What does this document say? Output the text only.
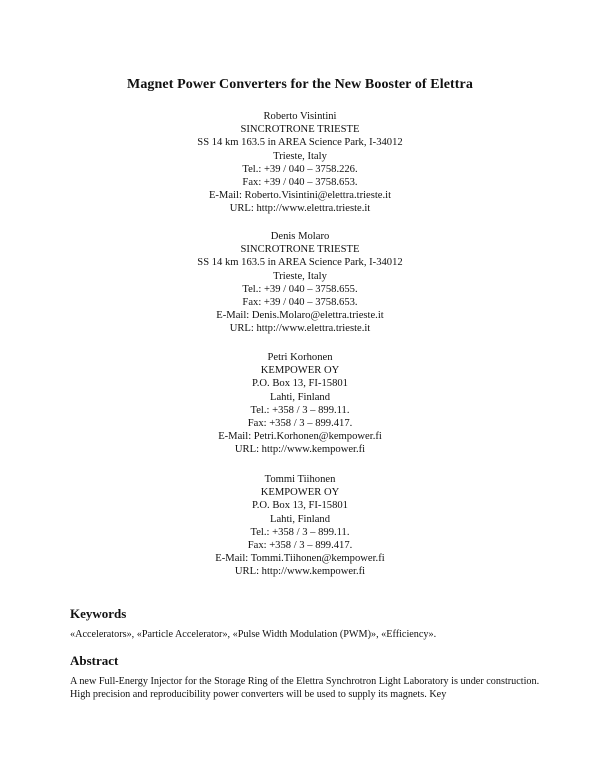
Magnet Power Converters for the New Booster of Elettra
Roberto Visintini
SINCROTRONE TRIESTE
SS 14 km 163.5 in AREA Science Park, I-34012
Trieste, Italy
Tel.: +39 / 040 – 3758.226.
Fax: +39 / 040 – 3758.653.
E-Mail: Roberto.Visintini@elettra.trieste.it
URL: http://www.elettra.trieste.it
Denis Molaro
SINCROTRONE TRIESTE
SS 14 km 163.5 in AREA Science Park, I-34012
Trieste, Italy
Tel.: +39 / 040 – 3758.655.
Fax: +39 / 040 – 3758.653.
E-Mail: Denis.Molaro@elettra.trieste.it
URL: http://www.elettra.trieste.it
Petri Korhonen
KEMPOWER OY
P.O. Box 13, FI-15801
Lahti, Finland
Tel.: +358 / 3 – 899.11.
Fax: +358 / 3 – 899.417.
E-Mail: Petri.Korhonen@kempower.fi
URL: http://www.kempower.fi
Tommi Tiihonen
KEMPOWER OY
P.O. Box 13, FI-15801
Lahti, Finland
Tel.: +358 / 3 – 899.11.
Fax: +358 / 3 – 899.417.
E-Mail: Tommi.Tiihonen@kempower.fi
URL: http://www.kempower.fi
Keywords
«Accelerators», «Particle Accelerator», «Pulse Width Modulation (PWM)», «Efficiency».
Abstract
A new Full-Energy Injector for the Storage Ring of the Elettra Synchrotron Light Laboratory is under construction. High precision and reproducibility power converters will be used to supply its magnets. Key
